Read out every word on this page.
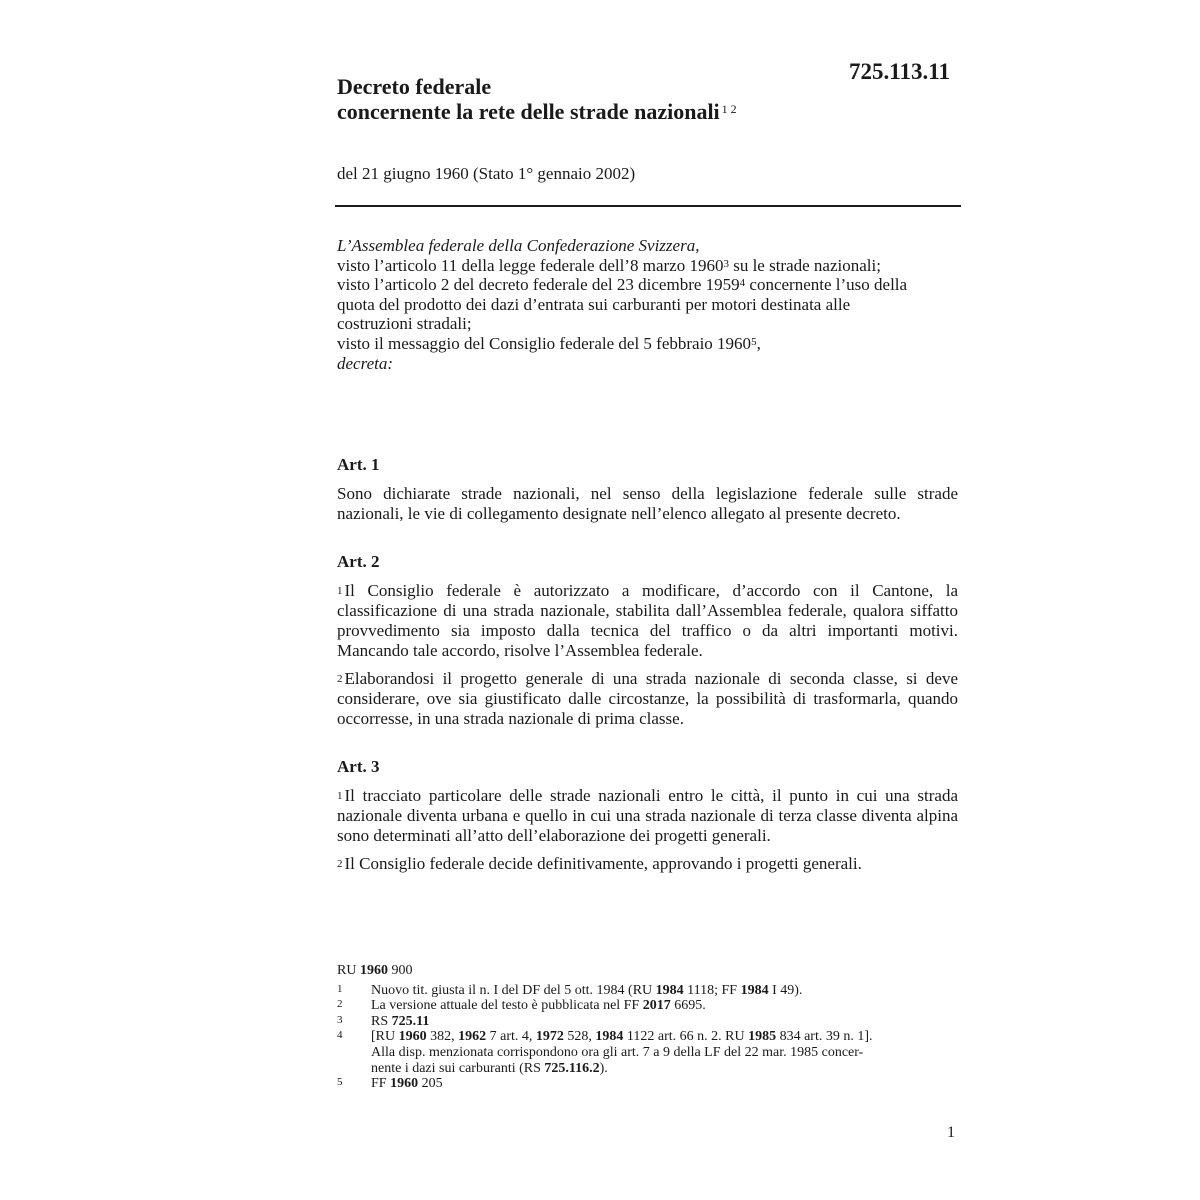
725.113.11
Decreto federale
concernente la rete delle strade nazionali $^{1 2}$
del 21 giugno 1960 (Stato 1° gennaio 2002)
L’Assemblea federale della Confederazione Svizzera,
visto l’articolo 11 della legge federale dell’8 marzo 1960$^3$ su le strade nazionali;
visto l’articolo 2 del decreto federale del 23 dicembre 1959$^4$ concernente l’uso della
quota del prodotto dei dazi d’entrata sui carburanti per motori destinata alle
costruzioni stradali;
visto il messaggio del Consiglio federale del 5 febbraio 1960$^5$,
decreta:
Art. 1

Sono dichiarate strade nazionali, nel senso della legislazione federale sulle strade nazionali, le vie di collegamento designate nell’elenco allegato al presente decreto.

Art. 2

$^1$ Il Consiglio federale è autorizzato a modificare, d’accordo con il Cantone, la classificazione di una strada nazionale, stabilita dall’Assemblea federale, qualora siffatto provvedimento sia imposto dalla tecnica del traffico o da altri importanti motivi. Mancando tale accordo, risolve l’Assemblea federale.

$^2$ Elaborandosi il progetto generale di una strada nazionale di seconda classe, si deve considerare, ove sia giustificato dalle circostanze, la possibilità di trasformarla, quando occorresse, in una strada nazionale di prima classe.

Art. 3

$^1$ Il tracciato particolare delle strade nazionali entro le città, il punto in cui una strada nazionale diventa urbana e quello in cui una strada nazionale di terza classe diventa alpina sono determinati all’atto dell’elaborazione dei progetti generali.

$^2$ Il Consiglio federale decide definitivamente, approvando i progetti generali.

RU 1960 900
1	Nuovo tit. giusta il n. I del DF del 5 ott. 1984 (RU 1984 1118; FF 1984 I 49).
2	La versione attuale del testo è pubblicata nel FF 2017 6695.
3	RS 725.11
4	[RU 1960 382, 1962 7 art. 4, 1972 528, 1984 1122 art. 66 n. 2. RU 1985 834 art. 39 n. 1].
Alla disp. menzionata corrispondono ora gli art. 7 a 9 della LF del 22 mar. 1985 concer-
nente i dazi sui carburanti (RS 725.116.2).
5	FF 1960 205
1
